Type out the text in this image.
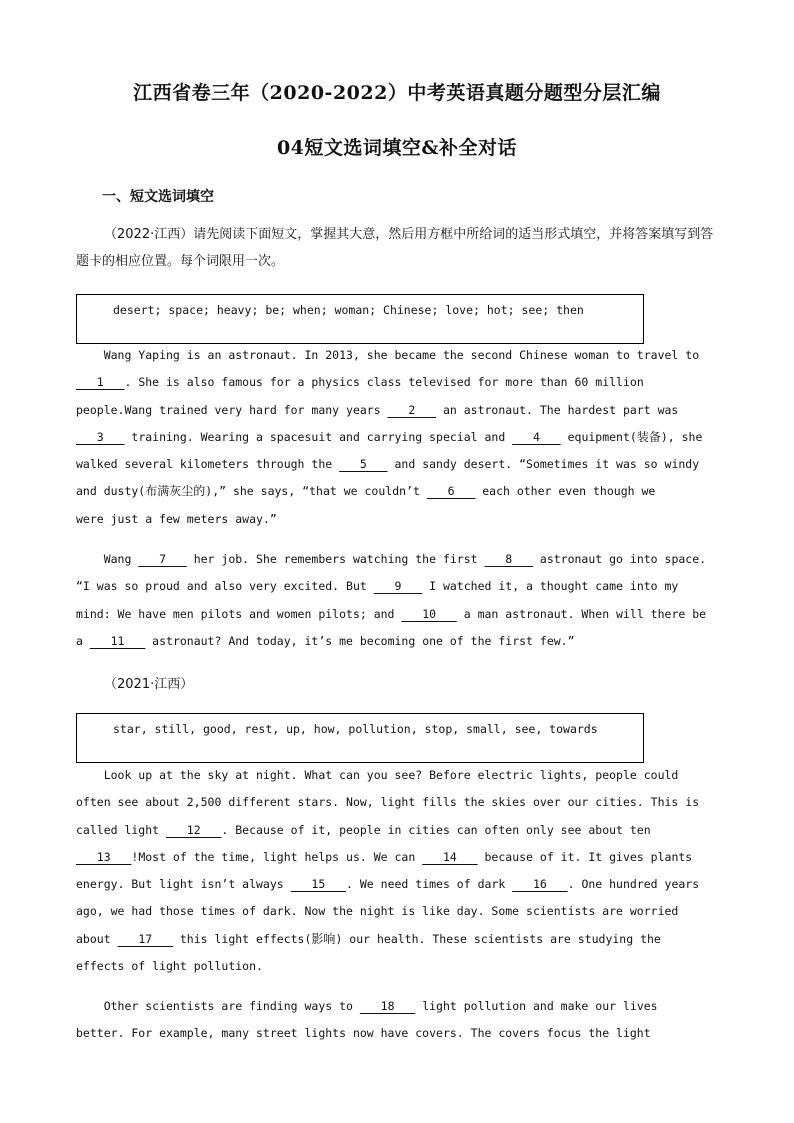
江西省卷三年（2020-2022）中考英语真题分题型分层汇编
04短文选词填空&补全对话
一、短文选词填空
（2022·江西）请先阅读下面短文，掌握其大意，然后用方框中所给词的适当形式填空，并将答案填写到答题卡的相应位置。每个词限用一次。
desert; space; heavy; be; when; woman; Chinese; love; hot; see; then
Wang Yaping is an astronaut. In 2013, she became the second Chinese woman to travel to
1   . She is also famous for a physics class televised for more than 60 million
people.Wang trained very hard for many years    2    an astronaut. The hardest part was
3    training. Wearing a spacesuit and carrying special and    4    equipment(装备), she
walked several kilometers through the    5    and sandy desert. “Sometimes it was so windy
and dusty(布满灰尘的),” she says, “that we couldn’t    6    each other even though we
were just a few meters away.”
Wang    7    her job. She remembers watching the first    8    astronaut go into space.
“I was so proud and also very excited. But    9    I watched it, a thought came into my
mind: We have men pilots and women pilots; and    10    a man astronaut. When will there be
a    11    astronaut? And today, it’s me becoming one of the first few.”
（2021·江西）
star, still, good, rest, up, how, pollution, stop, small, see, towards
Look up at the sky at night. What can you see? Before electric lights, people could
often see about 2,500 different stars. Now, light fills the skies over our cities. This is
called light    12   . Because of it, people in cities can often only see about ten
13   !Most of the time, light helps us. We can    14    because of it. It gives plants
energy. But light isn’t always    15   . We need times of dark    16   . One hundred years
ago, we had those times of dark. Now the night is like day. Some scientists are worried
about    17    this light effects(影响) our health. These scientists are studying the
effects of light pollution.
Other scientists are finding ways to    18    light pollution and make our lives
better. For example, many street lights now have covers. The covers focus the light
